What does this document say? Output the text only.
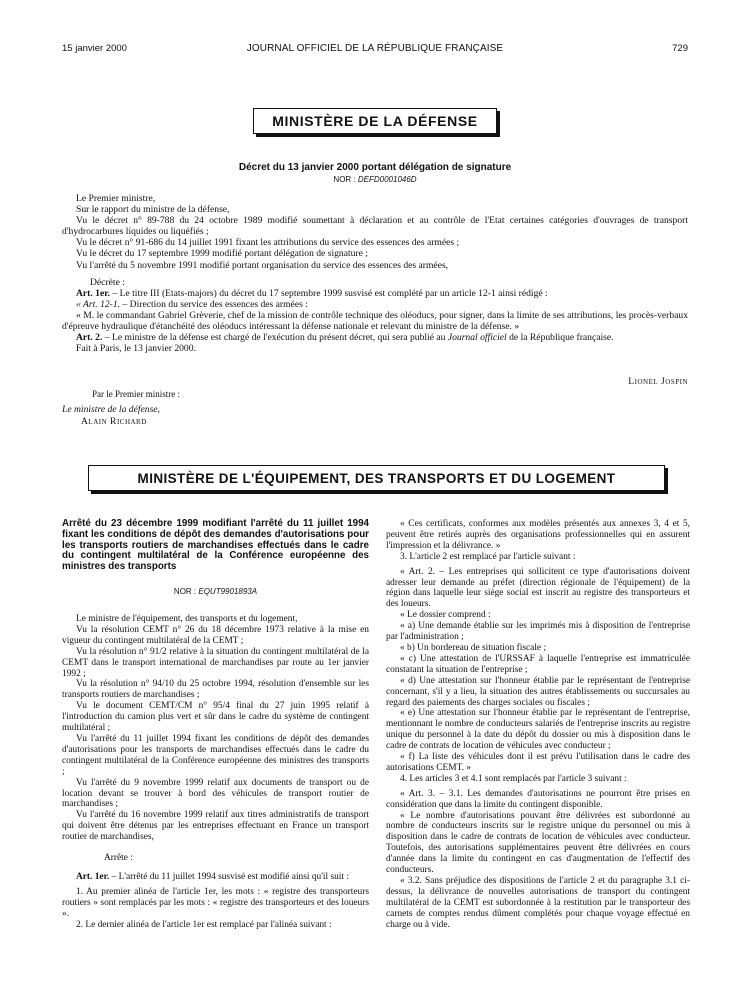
15 janvier 2000	JOURNAL OFFICIEL DE LA RÉPUBLIQUE FRANÇAISE	729
MINISTÈRE DE LA DÉFENSE
Décret du 13 janvier 2000 portant délégation de signature
NOR : DEFD0001046D

Le Premier ministre,

Sur le rapport du ministre de la défense,

Vu le décret n° 89-788 du 24 octobre 1989 modifié soumettant à déclaration et au contrôle de l'Etat certaines catégories d'ouvrages de transport d'hydrocarbures liquides ou liquéfiés ;

Vu le décret n° 91-686 du 14 juillet 1991 fixant les attributions du service des essences des armées ;

Vu le décret du 17 septembre 1999 modifié portant délégation de signature ;

Vu l'arrêté du 5 novembre 1991 modifié portant organisation du service des essences des armées,

Décrète :

Art. 1er. – Le titre III (Etats-majors) du décret du 17 septembre 1999 susvisé est complété par un article 12-1 ainsi rédigé :

« Art. 12-1. – Direction du service des essences des armées :

« M. le commandant Gabriel Grèverie, chef de la mission de contrôle technique des oléoducs, pour signer, dans la limite de ses attributions, les procès-verbaux d'épreuve hydraulique d'étanchéité des oléoducs intéressant la défense nationale et relevant du ministre de la défense. »

Art. 2. – Le ministre de la défense est chargé de l'exécution du présent décret, qui sera publié au Journal officiel de la République française.

Fait à Paris, le 13 janvier 2000.

Lionel Jospin
Par le Premier ministre :
Le ministre de la défense,
Alain Richard
MINISTÈRE DE L'ÉQUIPEMENT, DES TRANSPORTS ET DU LOGEMENT
Arrêté du 23 décembre 1999 modifiant l'arrêté du 11 juillet 1994 fixant les conditions de dépôt des demandes d'autorisations pour les transports routiers de marchandises effectués dans le cadre du contingent multilatéral de la Conférence européenne des ministres des transports
NOR : EQUT9901893A

Le ministre de l'équipement, des transports et du logement,

Vu la résolution CEMT n° 26 du 18 décembre 1973 relative à la mise en vigueur du contingent multilatéral de la CEMT ;

Vu la résolution n° 91/2 relative à la situation du contingent multilatéral de la CEMT dans le transport international de marchandises par route au 1er janvier 1992 ;

Vu la résolution n° 94/10 du 25 octobre 1994, résolution d'ensemble sur les transports routiers de marchandises ;

Vu le document CEMT/CM n° 95/4 final du 27 juin 1995 relatif à l'introduction du camion plus vert et sûr dans le cadre du système de contingent multilatéral ;

Vu l'arrêté du 11 juillet 1994 fixant les conditions de dépôt des demandes d'autorisations pour les transports de marchandises effectués dans le cadre du contingent multilatéral de la Conférence européenne des ministres des transports ;

Vu l'arrêté du 9 novembre 1999 relatif aux documents de transport ou de location devant se trouver à bord des véhicules de transport routier de marchandises ;

Vu l'arrêté du 16 novembre 1999 relatif aux titres administratifs de transport qui doivent être détenus par les entreprises effectuant en France un transport routier de marchandises,

Arrête :

Art. 1er. – L'arrêté du 11 juillet 1994 susvisé est modifié ainsi qu'il suit :

1. Au premier alinéa de l'article 1er, les mots : « registre des transporteurs routiers » sont remplacés par les mots : « registre des transporteurs et des loueurs ».

2. Le dernier alinéa de l'article 1er est remplacé par l'alinéa suivant :

« Ces certificats, conformes aux modèles présentés aux annexes 3, 4 et 5, peuvent être retirés auprès des organisations professionnelles qui en assurent l'impression et la délivrance. »

3. L'article 2 est remplacé par l'article suivant :

« Art. 2. – Les entreprises qui sollicitent ce type d'autorisations doivent adresser leur demande au préfet (direction régionale de l'équipement) de la région dans laquelle leur siège social est inscrit au registre des transporteurs et des loueurs.

« Le dossier comprend :

« a) Une demande établie sur les imprimés mis à disposition de l'entreprise par l'administration ;

« b) Un bordereau de situation fiscale ;

« c) Une attestation de l'URSSAF à laquelle l'entreprise est immatriculée constatant la situation de l'entreprise ;

« d) Une attestation sur l'honneur établie par le représentant de l'entreprise concernant, s'il y a lieu, la situation des autres établissements ou succursales au regard des paiements des charges sociales ou fiscales ;

« e) Une attestation sur l'honneur établie par le représentant de l'entreprise, mentionnant le nombre de conducteurs salariés de l'entreprise inscrits au registre unique du personnel à la date du dépôt du dossier ou mis à disposition dans le cadre de contrats de location de véhicules avec conducteur ;

« f) La liste des véhicules dont il est prévu l'utilisation dans le cadre des autorisations CEMT. »

4. Les articles 3 et 4.1 sont remplacés par l'article 3 suivant :

« Art. 3. – 3.1. Les demandes d'autorisations ne pourront être prises en considération que dans la limite du contingent disponible.

« Le nombre d'autorisations pouvant être délivrées est subordonné au nombre de conducteurs inscrits sur le registre unique du personnel ou mis à disposition dans le cadre de contrats de location de véhicules avec conducteur. Toutefois, des autorisations supplémentaires peuvent être délivrées en cours d'année dans la limite du contingent en cas d'augmentation de l'effectif des conducteurs.

« 3.2. Sans préjudice des dispositions de l'article 2 et du paragraphe 3.1 ci-dessus, la délivrance de nouvelles autorisations de transport du contingent multilatéral de la CEMT est subordonnée à la restitution par le transporteur des carnets de comptes rendus dûment complétés pour chaque voyage effectué en charge ou à vide.
